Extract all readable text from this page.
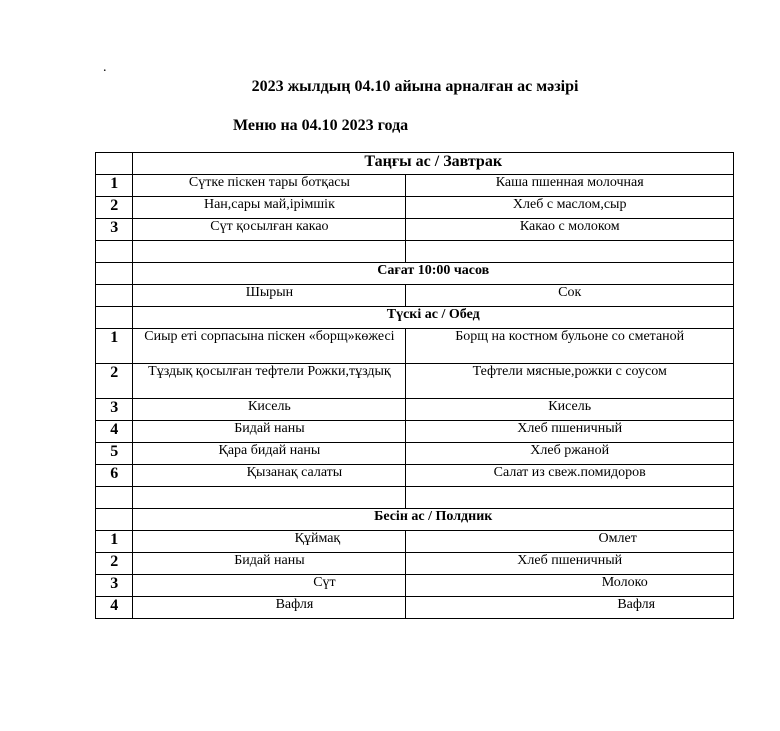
.
2023 жылдың 04.10 айына арналған ас мәзірі
Меню на 04.10 2023 года
	Таңғы ас / Завтрак	
1	Сүтке піскен тары ботқасы	Каша пшенная молочная
2	Нан,сары май,ірімшік	Хлеб с маслом,сыр
3	Сүт қосылған какао	Какао с молоком

	Сағат 10:00 часов	
	Шырын	Сок
	Түскі ас / Обед	
1	Сиыр еті сорпасына піскен «борщ»көжесі	Борщ на костном бульоне со сметаной
2	Тұздық қосылған тефтели Рожки,тұздық	Тефтели мясные,рожки с соусом
3	Кисель	Кисель
4	Бидай наны	Хлеб пшеничный
5	Қара бидай наны	Хлеб ржаной
6	Қызанақ салаты	Салат из свеж.помидоров

	Бесін ас / Полдник	
1	Құймақ	Омлет
2	Бидай наны	Хлеб пшеничный
3	Сүт	Молоко
4	Вафля	Вафля
